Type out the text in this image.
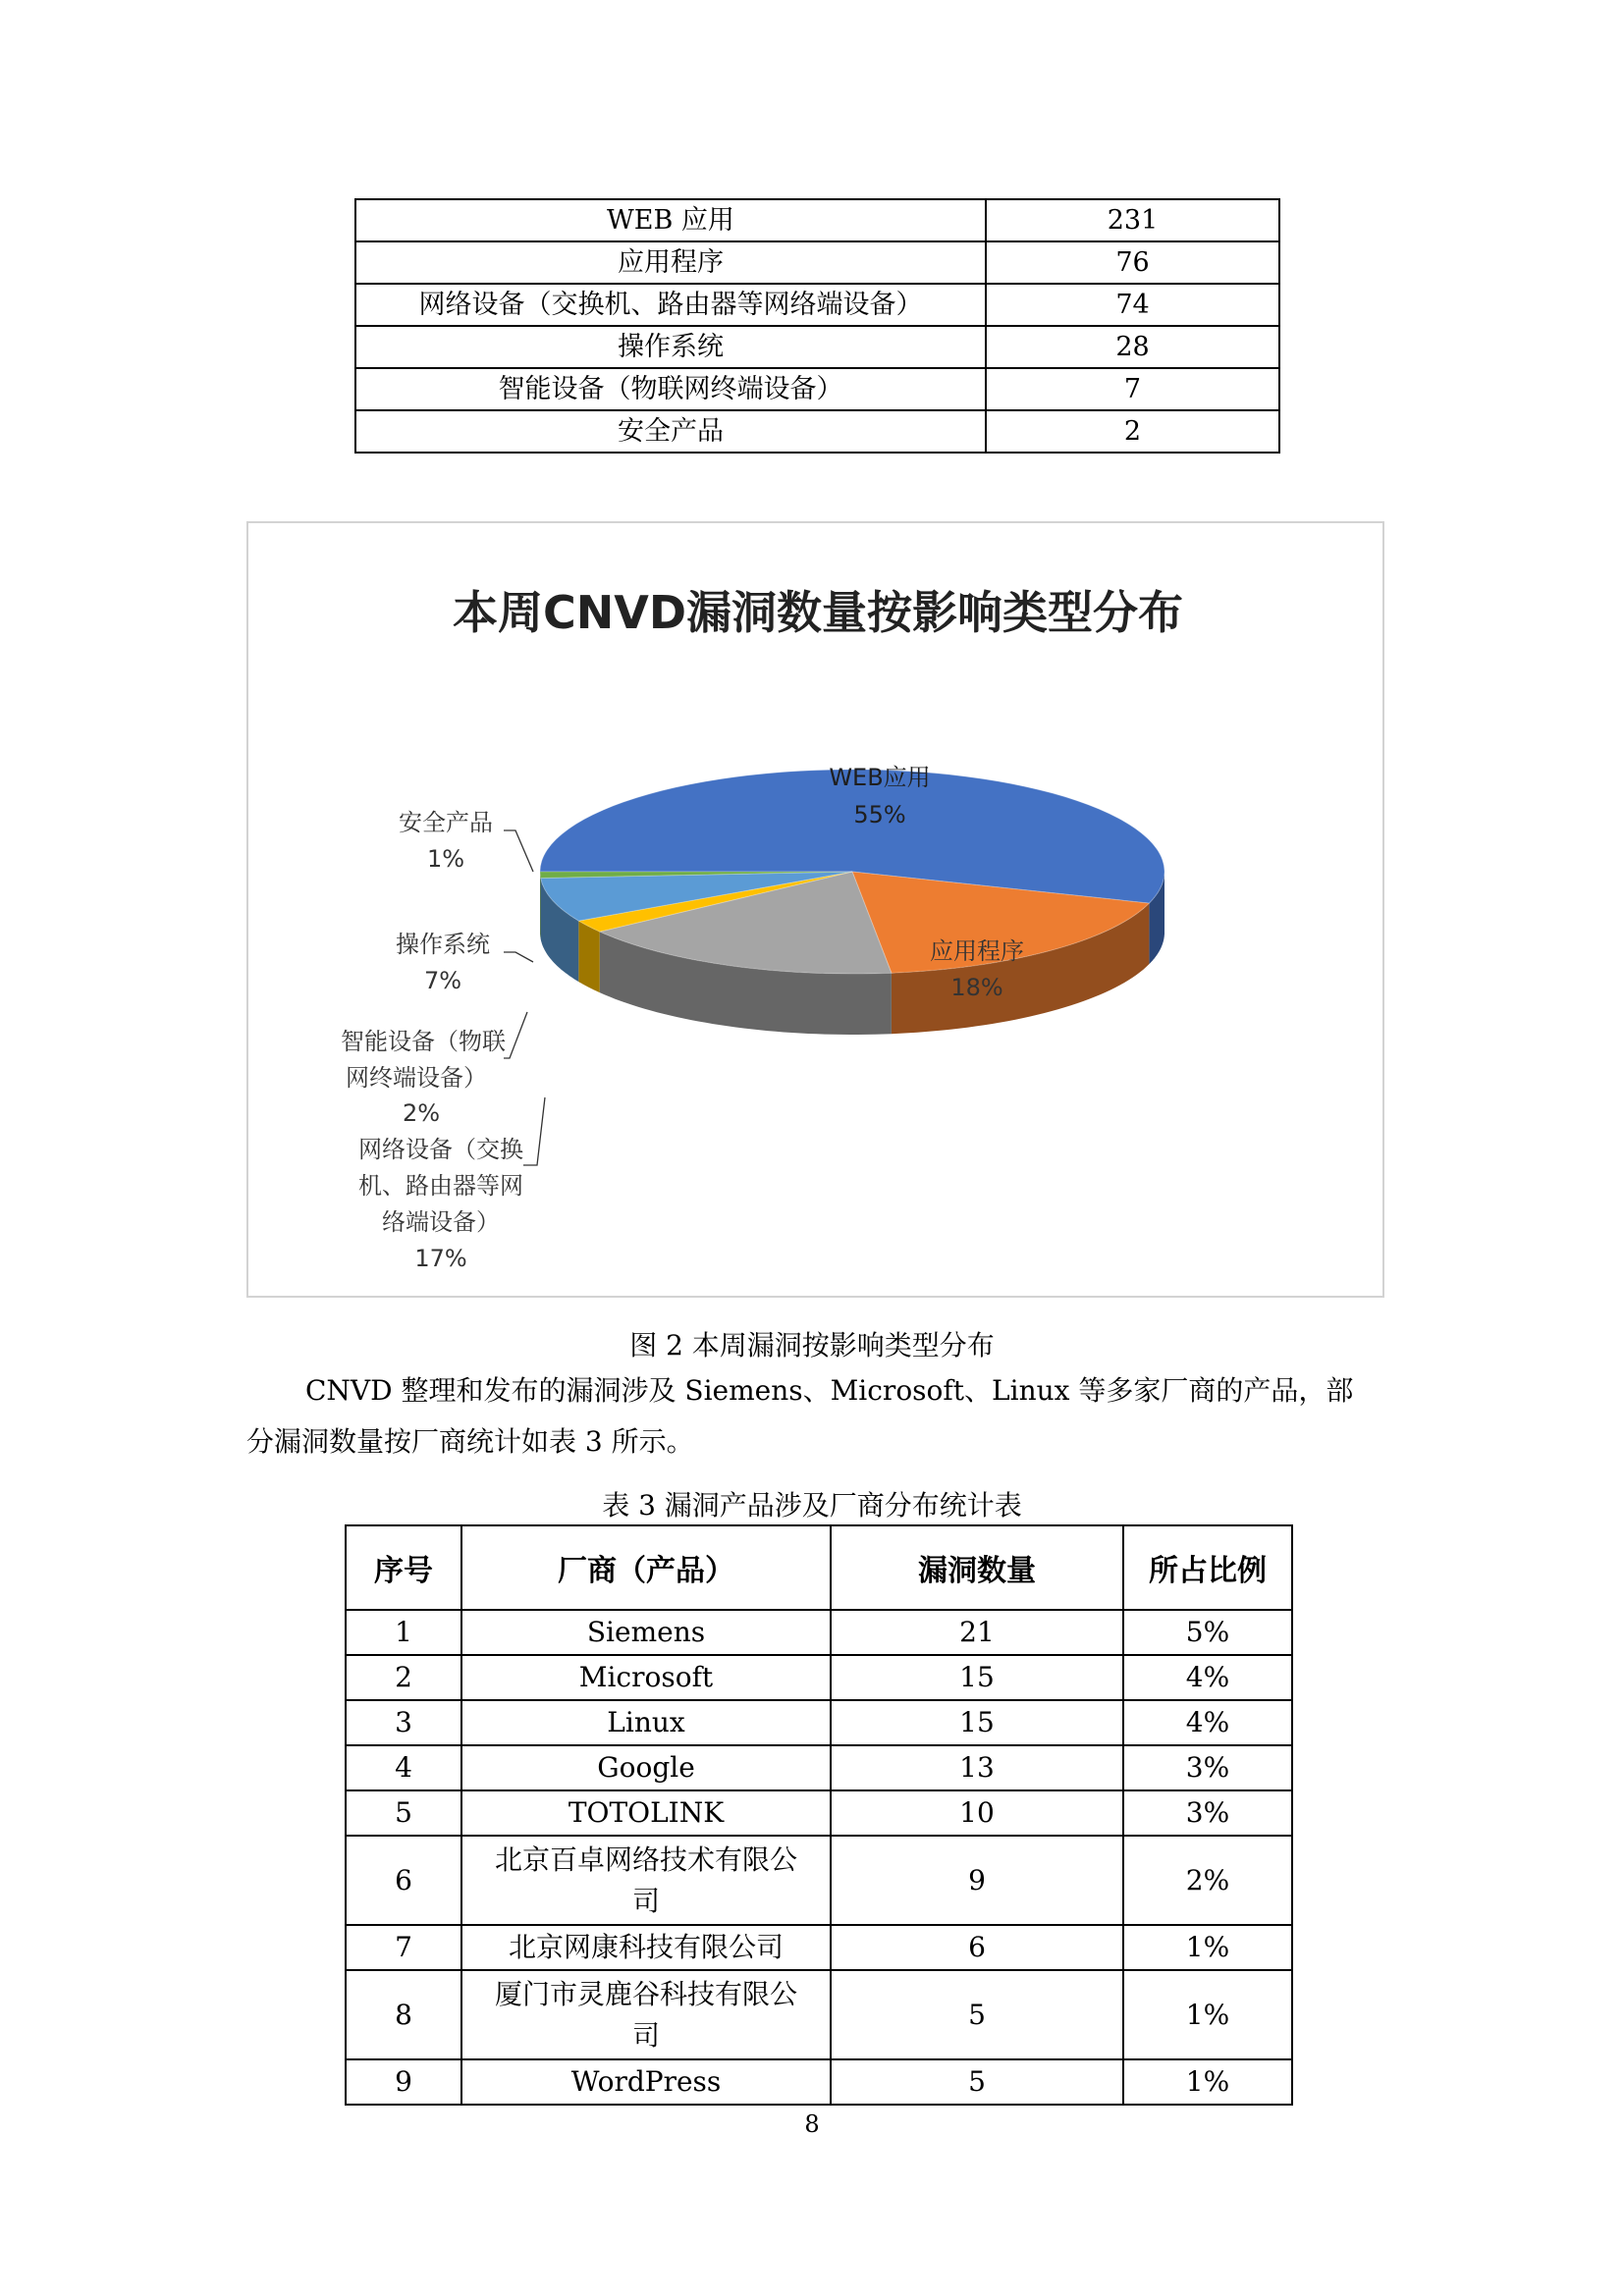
WEB 应用	231
应用程序	76
网络设备（交换机、路由器等网络端设备）	74
操作系统	28
智能设备（物联网终端设备）	7
安全产品	2
本周CNVD漏洞数量按影响类型分布
WEB应用
55%
应用程序
18%
安全产品
1%
操作系统
7%
智能设备（物联
网终端设备）
2%
网络设备（交换
机、路由器等网
络端设备）
17%
图 2 本周漏洞按影响类型分布
CNVD 整理和发布的漏洞涉及 Siemens、Microsoft、Linux 等多家厂商的产品，部
分漏洞数量按厂商统计如表 3 所示。
表 3 漏洞产品涉及厂商分布统计表
序号	厂商（产品）	漏洞数量	所占比例
1	Siemens	21	5%
2	Microsoft	15	4%
3	Linux	15	4%
4	Google	13	3%
5	TOTOLINK	10	3%
6	北京百卓网络技术有限公
司	9	2%
7	北京网康科技有限公司	6	1%
8	厦门市灵鹿谷科技有限公
司	5	1%
9	WordPress	5	1%
8
